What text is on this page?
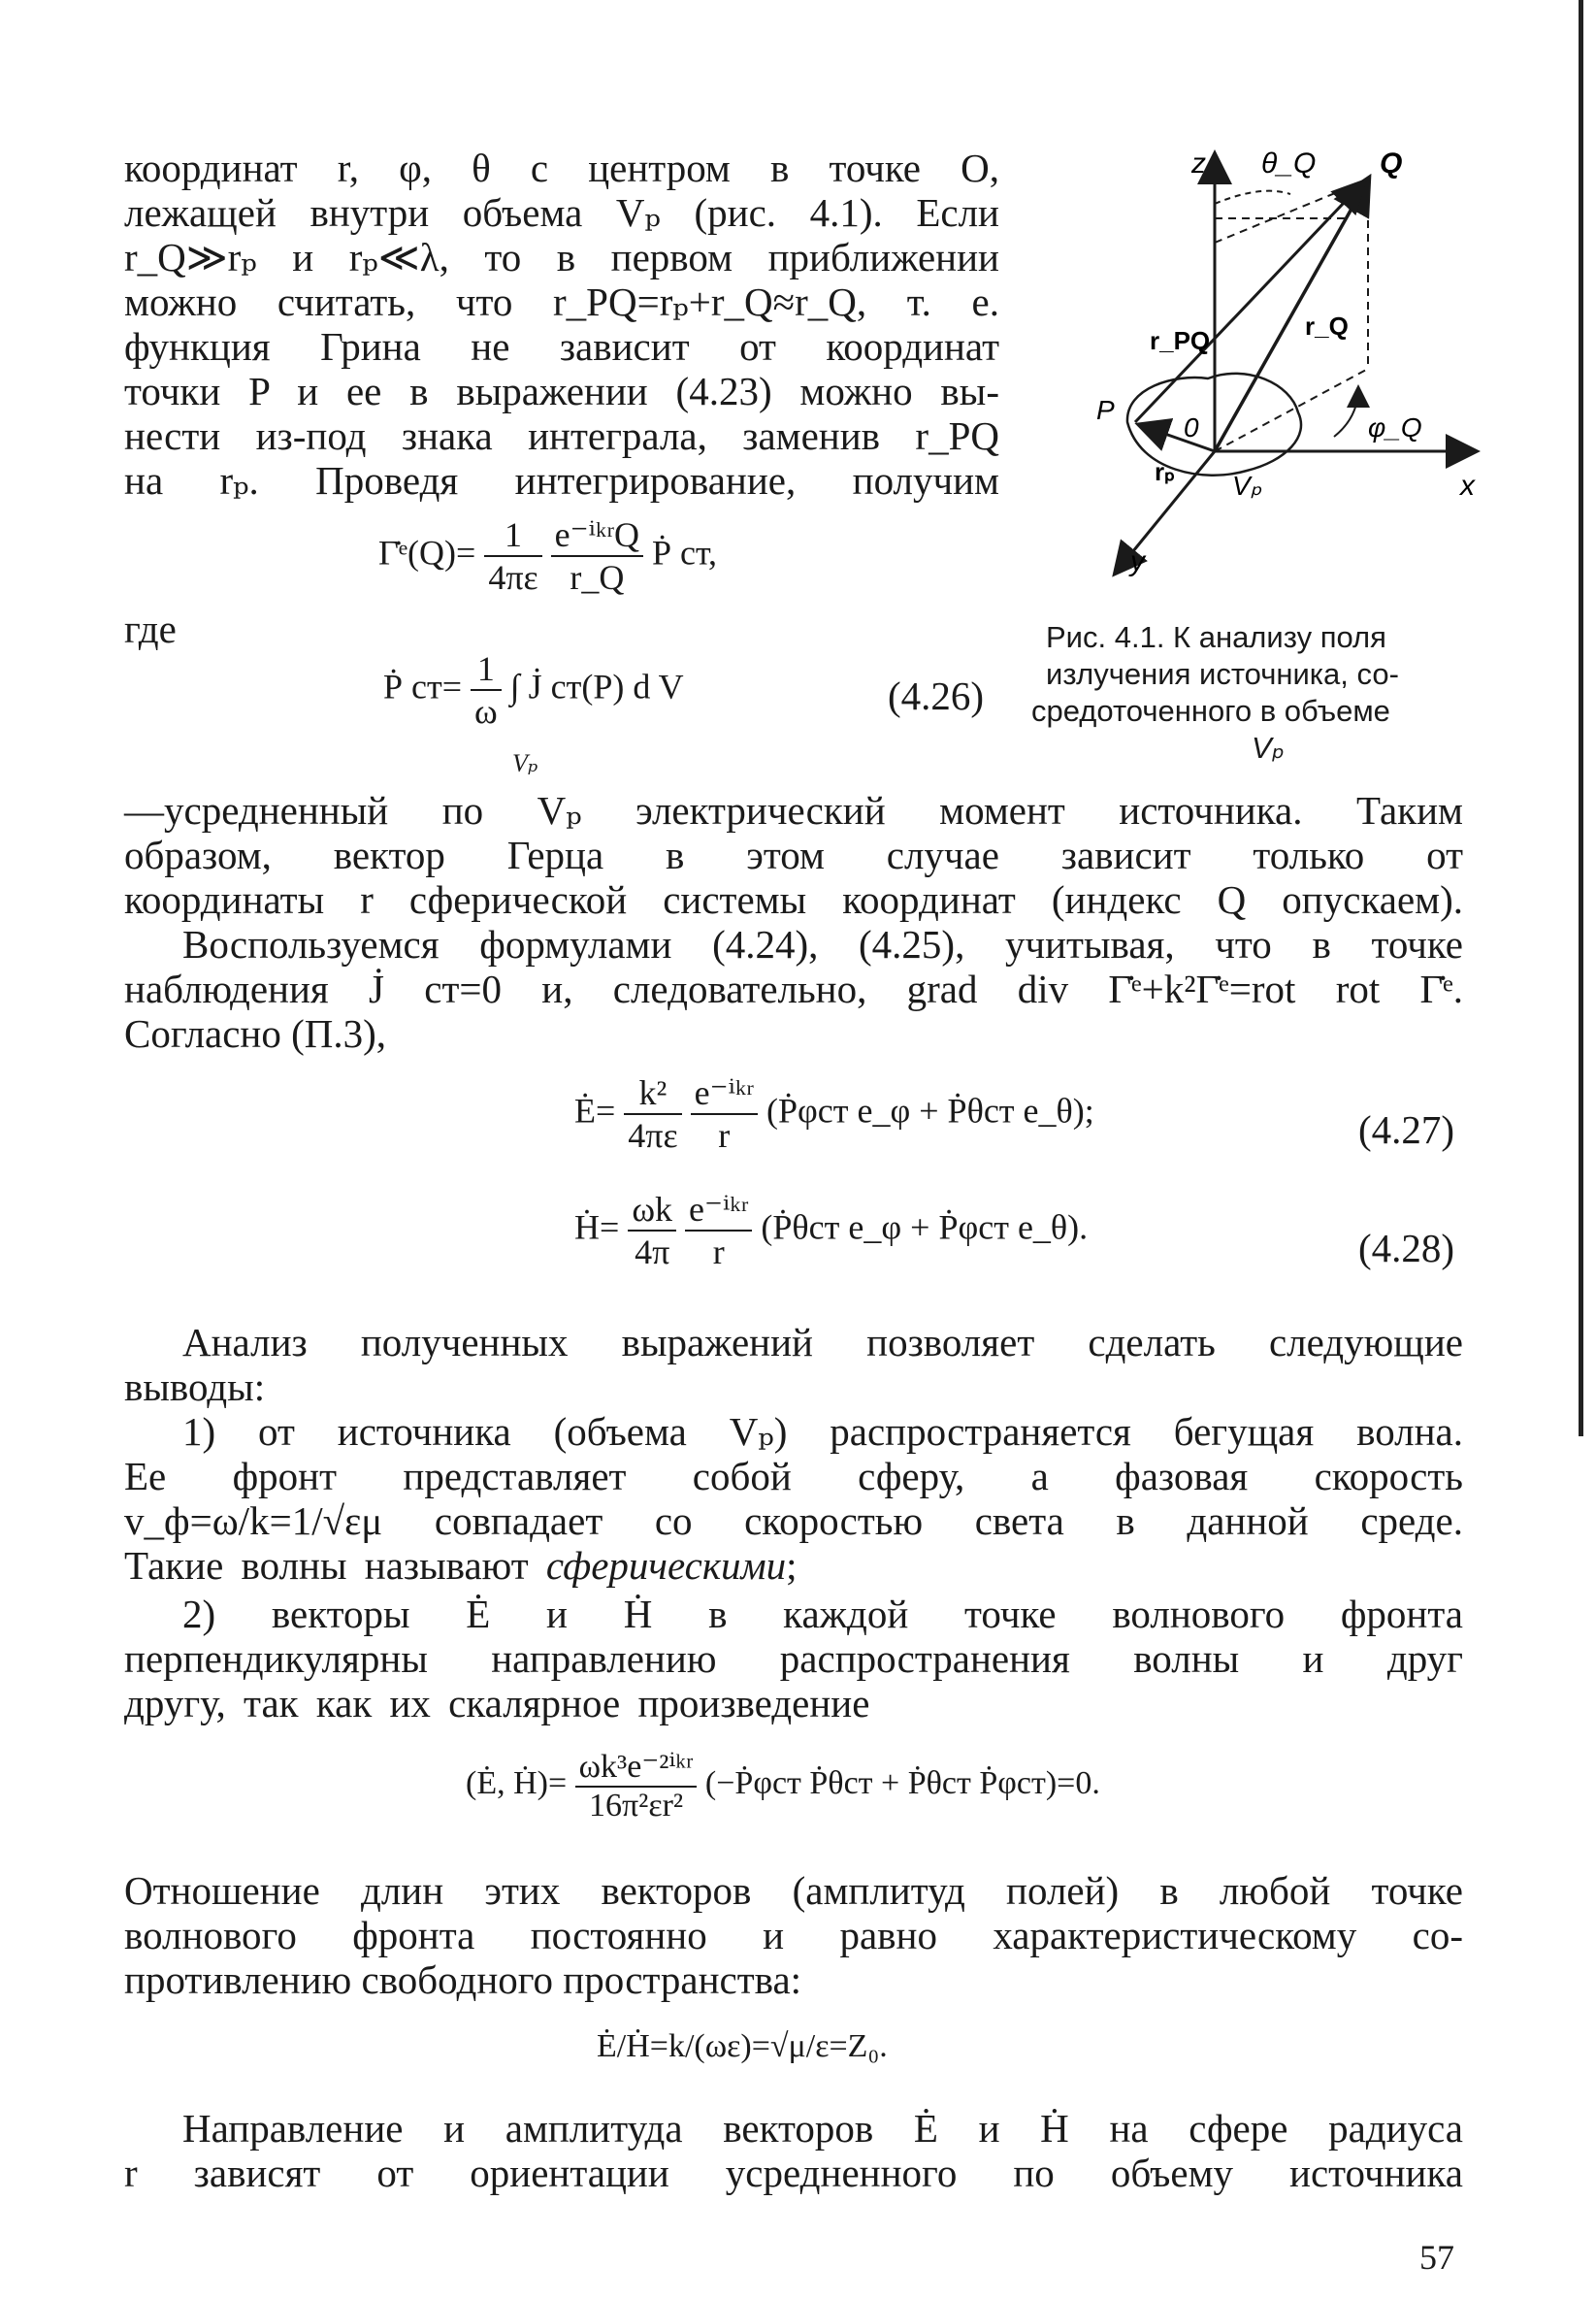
координат r, φ, θ с центром в точке O,
лежащей внутри объема Vₚ (рис. 4.1). Если
r_Q≫rₚ и rₚ≪λ, то в первом приближении
можно считать, что r_PQ=rₚ+r_Q≈r_Q, т. е.
функция Грина не зависит от координат
точки P и ее в выражении (4.23) можно вы-
нести из-под знака интеграла, заменив r_PQ
на rₚ. Проведя интегрирование, получим
Γ̇ᵉ(Q)= $\frac{1}{4\pi\varepsilon}$
$\frac{\text{e⁻ⁱᵏʳQ}}{r\_Q}$ Ṗ ст,
где
Ṗ $ст= \frac{1}{\omega}$ ∫ J̇ ст(P) d V
Vₚ
(4.26)
—усредненный по Vₚ электрический момент источника. Таким
образом, вектор Герца в этом случае зависит только от
координаты r сферической системы координат (индекс Q опускаем).
Воспользуемся формулами (4.24), (4.25), учитывая, что в точке
наблюдения J̇ ст=0 и, следовательно, grad div Γ̇ᵉ+k²Γ̇ᵉ=rot rot Γ̇ᵉ.
Согласно (П.3),
Ė= $\frac{\text{k²}}{4\pi\varepsilon}$
$\frac{\text{e⁻ⁱᵏʳ}}{r}$ (Ṗφст e_φ + Ṗθст e_θ);	(4.27)
Ḣ= $\frac{\omega k}{4\pi}$
$\frac{\text{e⁻ⁱᵏʳ}}{r}$ (Ṗθст e_φ + Ṗφст e_θ).	(4.28)
Анализ полученных выражений позволяет сделать следующие
выводы:
1) от источника (объема Vₚ) распространяется бегущая волна.
Ее фронт представляет собой сферу, а фазовая скорость
v_ф=ω/k=1/√εμ совпадает со скоростью света в данной среде.
Такие волны называют сферическими;
2) векторы Ė и Ḣ в каждой точке волнового фронта
перпендикулярны направлению распространения волны и друг
другу, так как их скалярное произведение
(Ė, Ḣ)= $\frac{\text{ωk³e⁻²ⁱᵏʳ}}{\text{16π²εr²}}$ (−Ṗφст Ṗθст + Ṗθст Ṗφст)=0.
Отношение длин этих векторов (амплитуд полей) в любой точке
волнового фронта постоянно и равно характеристическому со-
противлению свободного пространства:
Ė/Ḣ=k/(ωε)=√μ/ε=Z₀.
Направление и амплитуда векторов Ė и Ḣ на сфере радиуса
r зависят от ориентации усредненного по объему источника
57
z θ_Q Q
r_PQ	r_Q
P
0	φ_Q
rₚ Vₚ	x
y
Рис. 4.1. К анализу поля
излучения источника, со-
средоточенного в объеме
Vₚ
